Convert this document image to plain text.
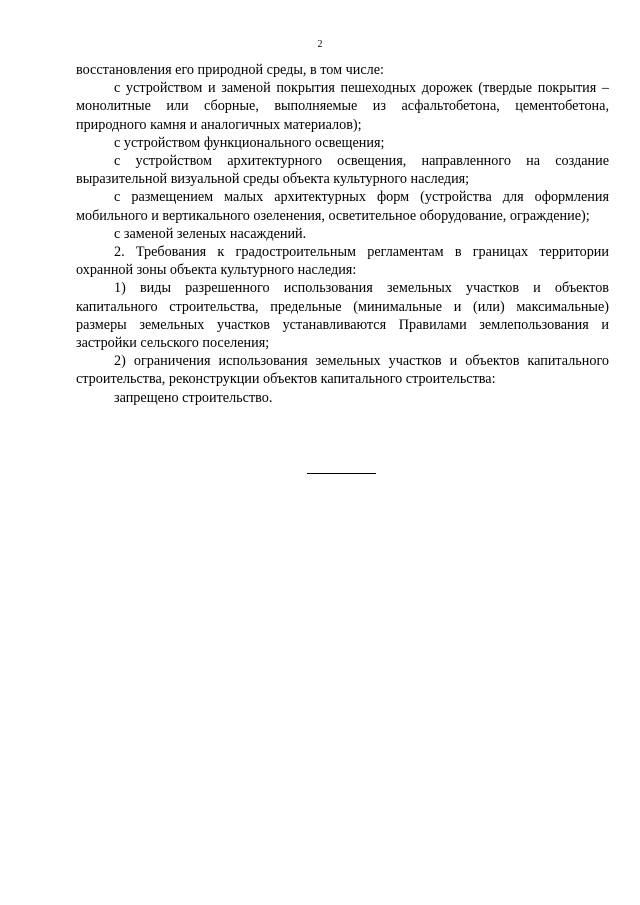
2

восстановления его природной среды, в том числе:

с устройством и заменой покрытия пешеходных дорожек (твердые покрытия – монолитные или сборные, выполняемые из асфальтобетона, цементобетона, природного камня и аналогичных материалов);

с устройством функционального освещения;

с устройством архитектурного освещения, направленного на создание выразительной визуальной среды объекта культурного наследия;

с размещением малых архитектурных форм (устройства для оформления мобильного и вертикального озеленения, осветительное оборудование, ограждение);

с заменой зеленых насаждений.

2. Требования к градостроительным регламентам в границах территории охранной зоны объекта культурного наследия:

1) виды разрешенного использования земельных участков и объектов капитального строительства, предельные (минимальные и (или) максимальные) размеры земельных участков устанавливаются Правилами землепользования и застройки сельского поселения;

2) ограничения использования земельных участков и объектов капитального строительства, реконструкции объектов капитального строительства:

запрещено строительство.
